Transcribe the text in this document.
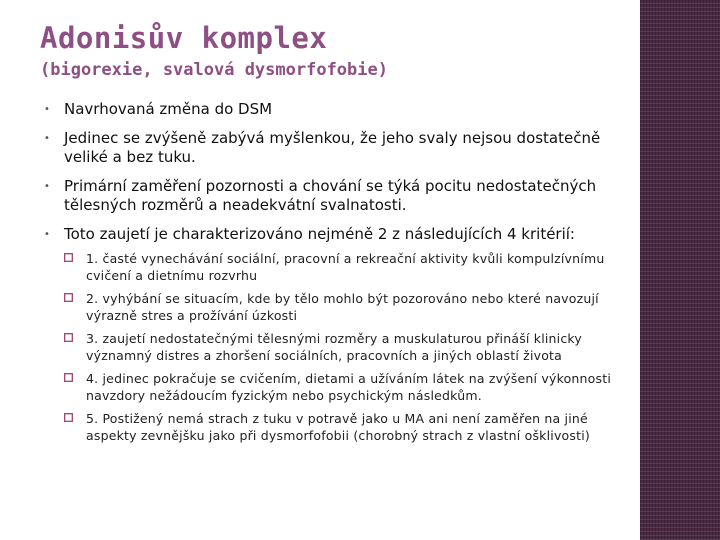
Adonisův komplex
(bigorexie, svalová dysmorfofobie)
• Navrhovaná změna do DSM
• Jedinec se zvýšeně zabývá myšlenkou, že jeho svaly nejsou dostatečně veliké a bez tuku.
• Primární zaměření pozornosti a chování se týká pocitu nedostatečných tělesných rozměrů a neadekvátní svalnatosti.
• Toto zaujetí je charakterizováno nejméně 2 z následujících 4 kritérií:
1. časté vynechávání sociální, pracovní a rekreační aktivity kvůli kompulzívnímu cvičení a dietnímu rozvrhu
2. vyhýbání se situacím, kde by tělo mohlo být pozorováno nebo které navozují výrazně stres a prožívání úzkosti
3. zaujetí nedostatečnými tělesnými rozměry a muskulaturou přináší klinicky významný distres a zhoršení sociálních, pracovních a jiných oblastí života
4. jedinec pokračuje se cvičením, dietami a užíváním látek na zvýšení výkonnosti navzdory nežádoucím fyzickým nebo psychickým následkům.
5. Postižený nemá strach z tuku v potravě jako u MA ani není zaměřen na jiné aspekty zevnějšku jako při dysmorfofobii (chorobný strach z vlastní ošklivosti)
